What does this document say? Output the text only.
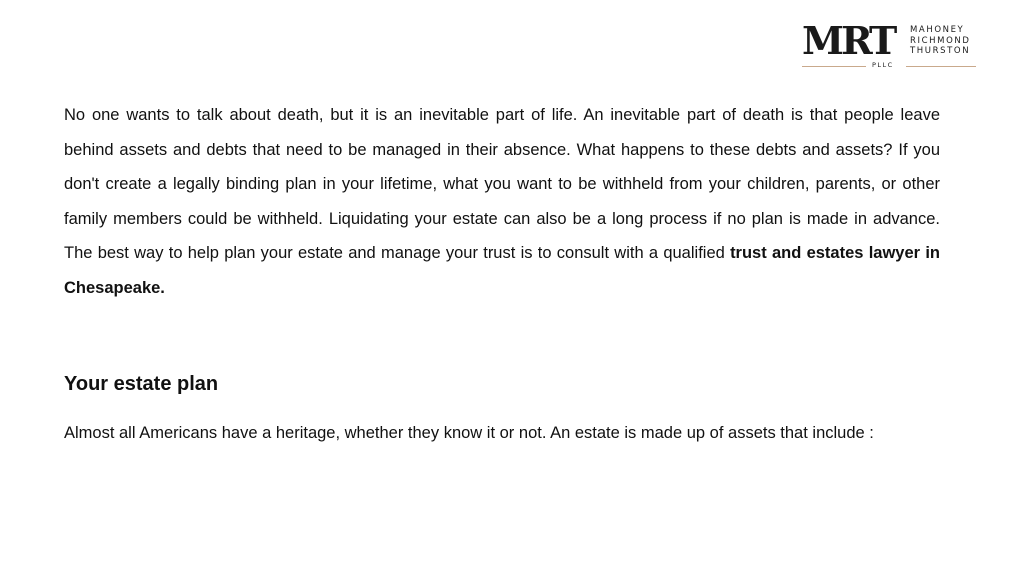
MRT MAHONEY
RICHMOND
THURSTON
PLLC

No one wants to talk about death, but it is an inevitable part of life. An inevitable part of death is that people leave behind assets and debts that need to be managed in their absence. What happens to these debts and assets? If you don't create a legally binding plan in your lifetime, what you want to be withheld from your children, parents, or other family members could be withheld. Liquidating your estate can also be a long process if no plan is made in advance. The best way to help plan your estate and manage your trust is to consult with a qualified trust and estates lawyer in Chesapeake.

Your estate plan

Almost all Americans have a heritage, whether they know it or not. An estate is made up of assets that include :
